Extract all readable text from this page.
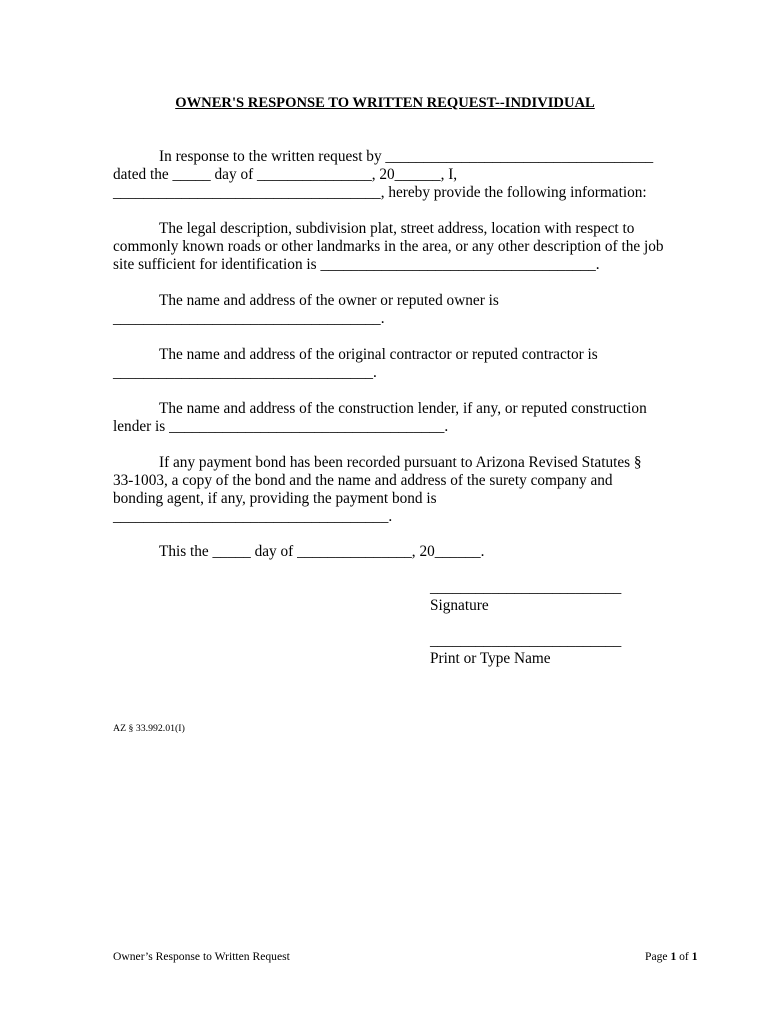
OWNER'S RESPONSE TO WRITTEN REQUEST--INDIVIDUAL
In response to the written request by ___________________________________
dated the _____ day of _______________, 20______, I,
___________________________________, hereby provide the following information:
The legal description, subdivision plat, street address, location with respect to
commonly known roads or other landmarks in the area, or any other description of the job
site sufficient for identification is ____________________________________.
The name and address of the owner or reputed owner is
___________________________________.
The name and address of the original contractor or reputed contractor is
__________________________________.
The name and address of the construction lender, if any, or reputed construction
lender is ____________________________________.
If any payment bond has been recorded pursuant to Arizona Revised Statutes §
33-1003, a copy of the bond and the name and address of the surety company and
bonding agent, if any, providing the payment bond is
____________________________________.
This the _____ day of _______________, 20______.
_________________________
Signature
_________________________
Print or Type Name
AZ § 33.992.01(I)
Owner’s Response to Written Request	Page 1 of 1
